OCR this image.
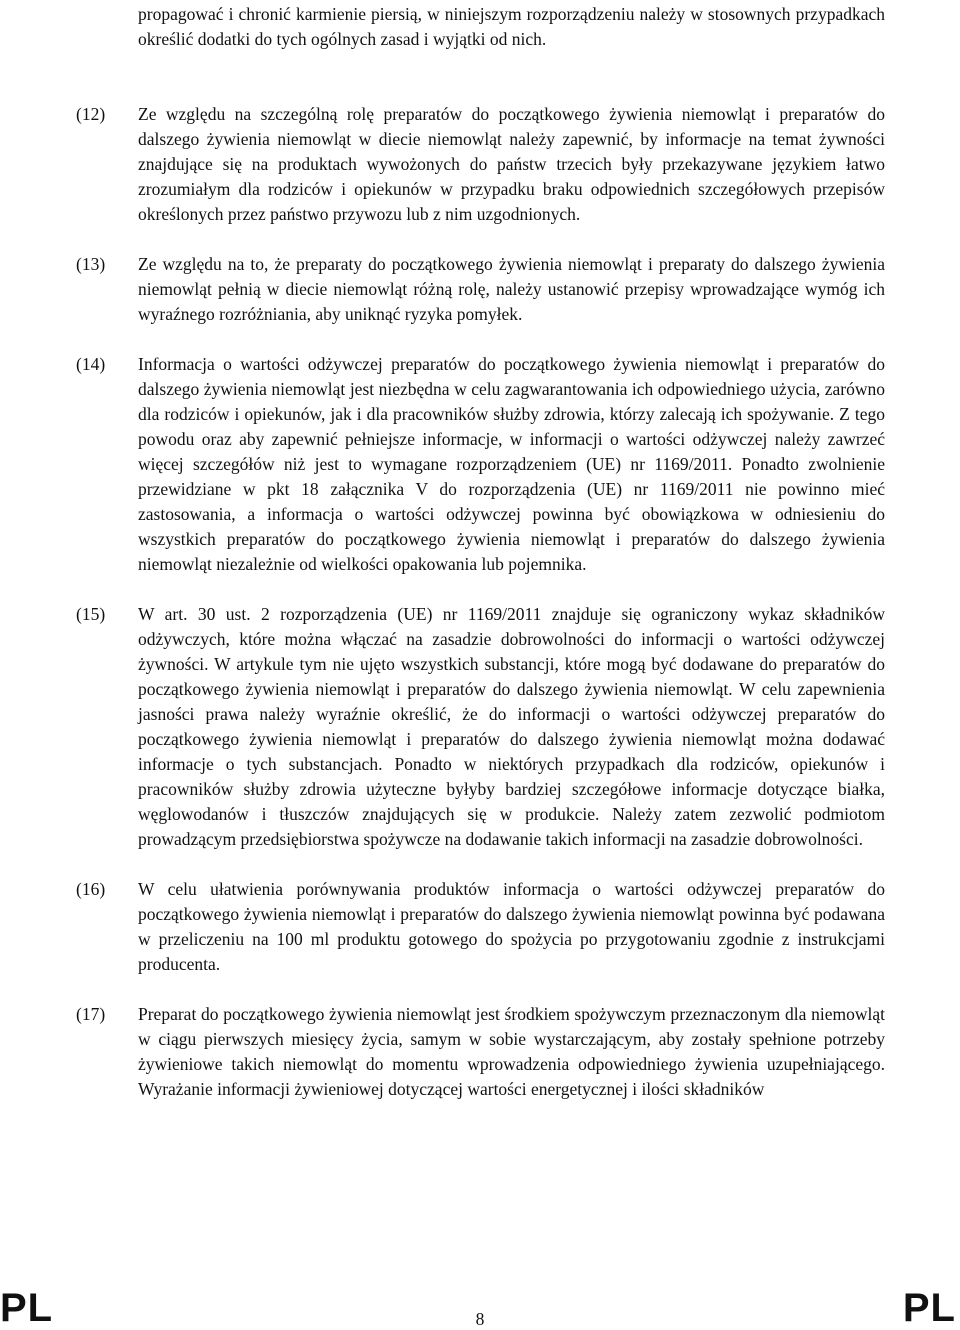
propagować i chronić karmienie piersią, w niniejszym rozporządzeniu należy w stosownych przypadkach określić dodatki do tych ogólnych zasad i wyjątki od nich.

(12) Ze względu na szczególną rolę preparatów do początkowego żywienia niemowląt i preparatów do dalszego żywienia niemowląt w diecie niemowląt należy zapewnić, by informacje na temat żywności znajdujące się na produktach wywożonych do państw trzecich były przekazywane językiem łatwo zrozumiałym dla rodziców i opiekunów w przypadku braku odpowiednich szczegółowych przepisów określonych przez państwo przywozu lub z nim uzgodnionych.

(13) Ze względu na to, że preparaty do początkowego żywienia niemowląt i preparaty do dalszego żywienia niemowląt pełnią w diecie niemowląt różną rolę, należy ustanowić przepisy wprowadzające wymóg ich wyraźnego rozróżniania, aby uniknąć ryzyka pomyłek.

(14) Informacja o wartości odżywczej preparatów do początkowego żywienia niemowląt i preparatów do dalszego żywienia niemowląt jest niezbędna w celu zagwarantowania ich odpowiedniego użycia, zarówno dla rodziców i opiekunów, jak i dla pracowników służby zdrowia, którzy zalecają ich spożywanie. Z tego powodu oraz aby zapewnić pełniejsze informacje, w informacji o wartości odżywczej należy zawrzeć więcej szczegółów niż jest to wymagane rozporządzeniem (UE) nr 1169/2011. Ponadto zwolnienie przewidziane w pkt 18 załącznika V do rozporządzenia (UE) nr 1169/2011 nie powinno mieć zastosowania, a informacja o wartości odżywczej powinna być obowiązkowa w odniesieniu do wszystkich preparatów do początkowego żywienia niemowląt i preparatów do dalszego żywienia niemowląt niezależnie od wielkości opakowania lub pojemnika.

(15) W art. 30 ust. 2 rozporządzenia (UE) nr 1169/2011 znajduje się ograniczony wykaz składników odżywczych, które można włączać na zasadzie dobrowolności do informacji o wartości odżywczej żywności. W artykule tym nie ujęto wszystkich substancji, które mogą być dodawane do preparatów do początkowego żywienia niemowląt i preparatów do dalszego żywienia niemowląt. W celu zapewnienia jasności prawa należy wyraźnie określić, że do informacji o wartości odżywczej preparatów do początkowego żywienia niemowląt i preparatów do dalszego żywienia niemowląt można dodawać informacje o tych substancjach. Ponadto w niektórych przypadkach dla rodziców, opiekunów i pracowników służby zdrowia użyteczne byłyby bardziej szczegółowe informacje dotyczące białka, węglowodanów i tłuszczów znajdujących się w produkcie. Należy zatem zezwolić podmiotom prowadzącym przedsiębiorstwa spożywcze na dodawanie takich informacji na zasadzie dobrowolności.

(16) W celu ułatwienia porównywania produktów informacja o wartości odżywczej preparatów do początkowego żywienia niemowląt i preparatów do dalszego żywienia niemowląt powinna być podawana w przeliczeniu na 100 ml produktu gotowego do spożycia po przygotowaniu zgodnie z instrukcjami producenta.

(17) Preparat do początkowego żywienia niemowląt jest środkiem spożywczym przeznaczonym dla niemowląt w ciągu pierwszych miesięcy życia, samym w sobie wystarczającym, aby zostały spełnione potrzeby żywieniowe takich niemowląt do momentu wprowadzenia odpowiedniego żywienia uzupełniającego. Wyrażanie informacji żywieniowej dotyczącej wartości energetycznej i ilości składników

PL	8	PL
